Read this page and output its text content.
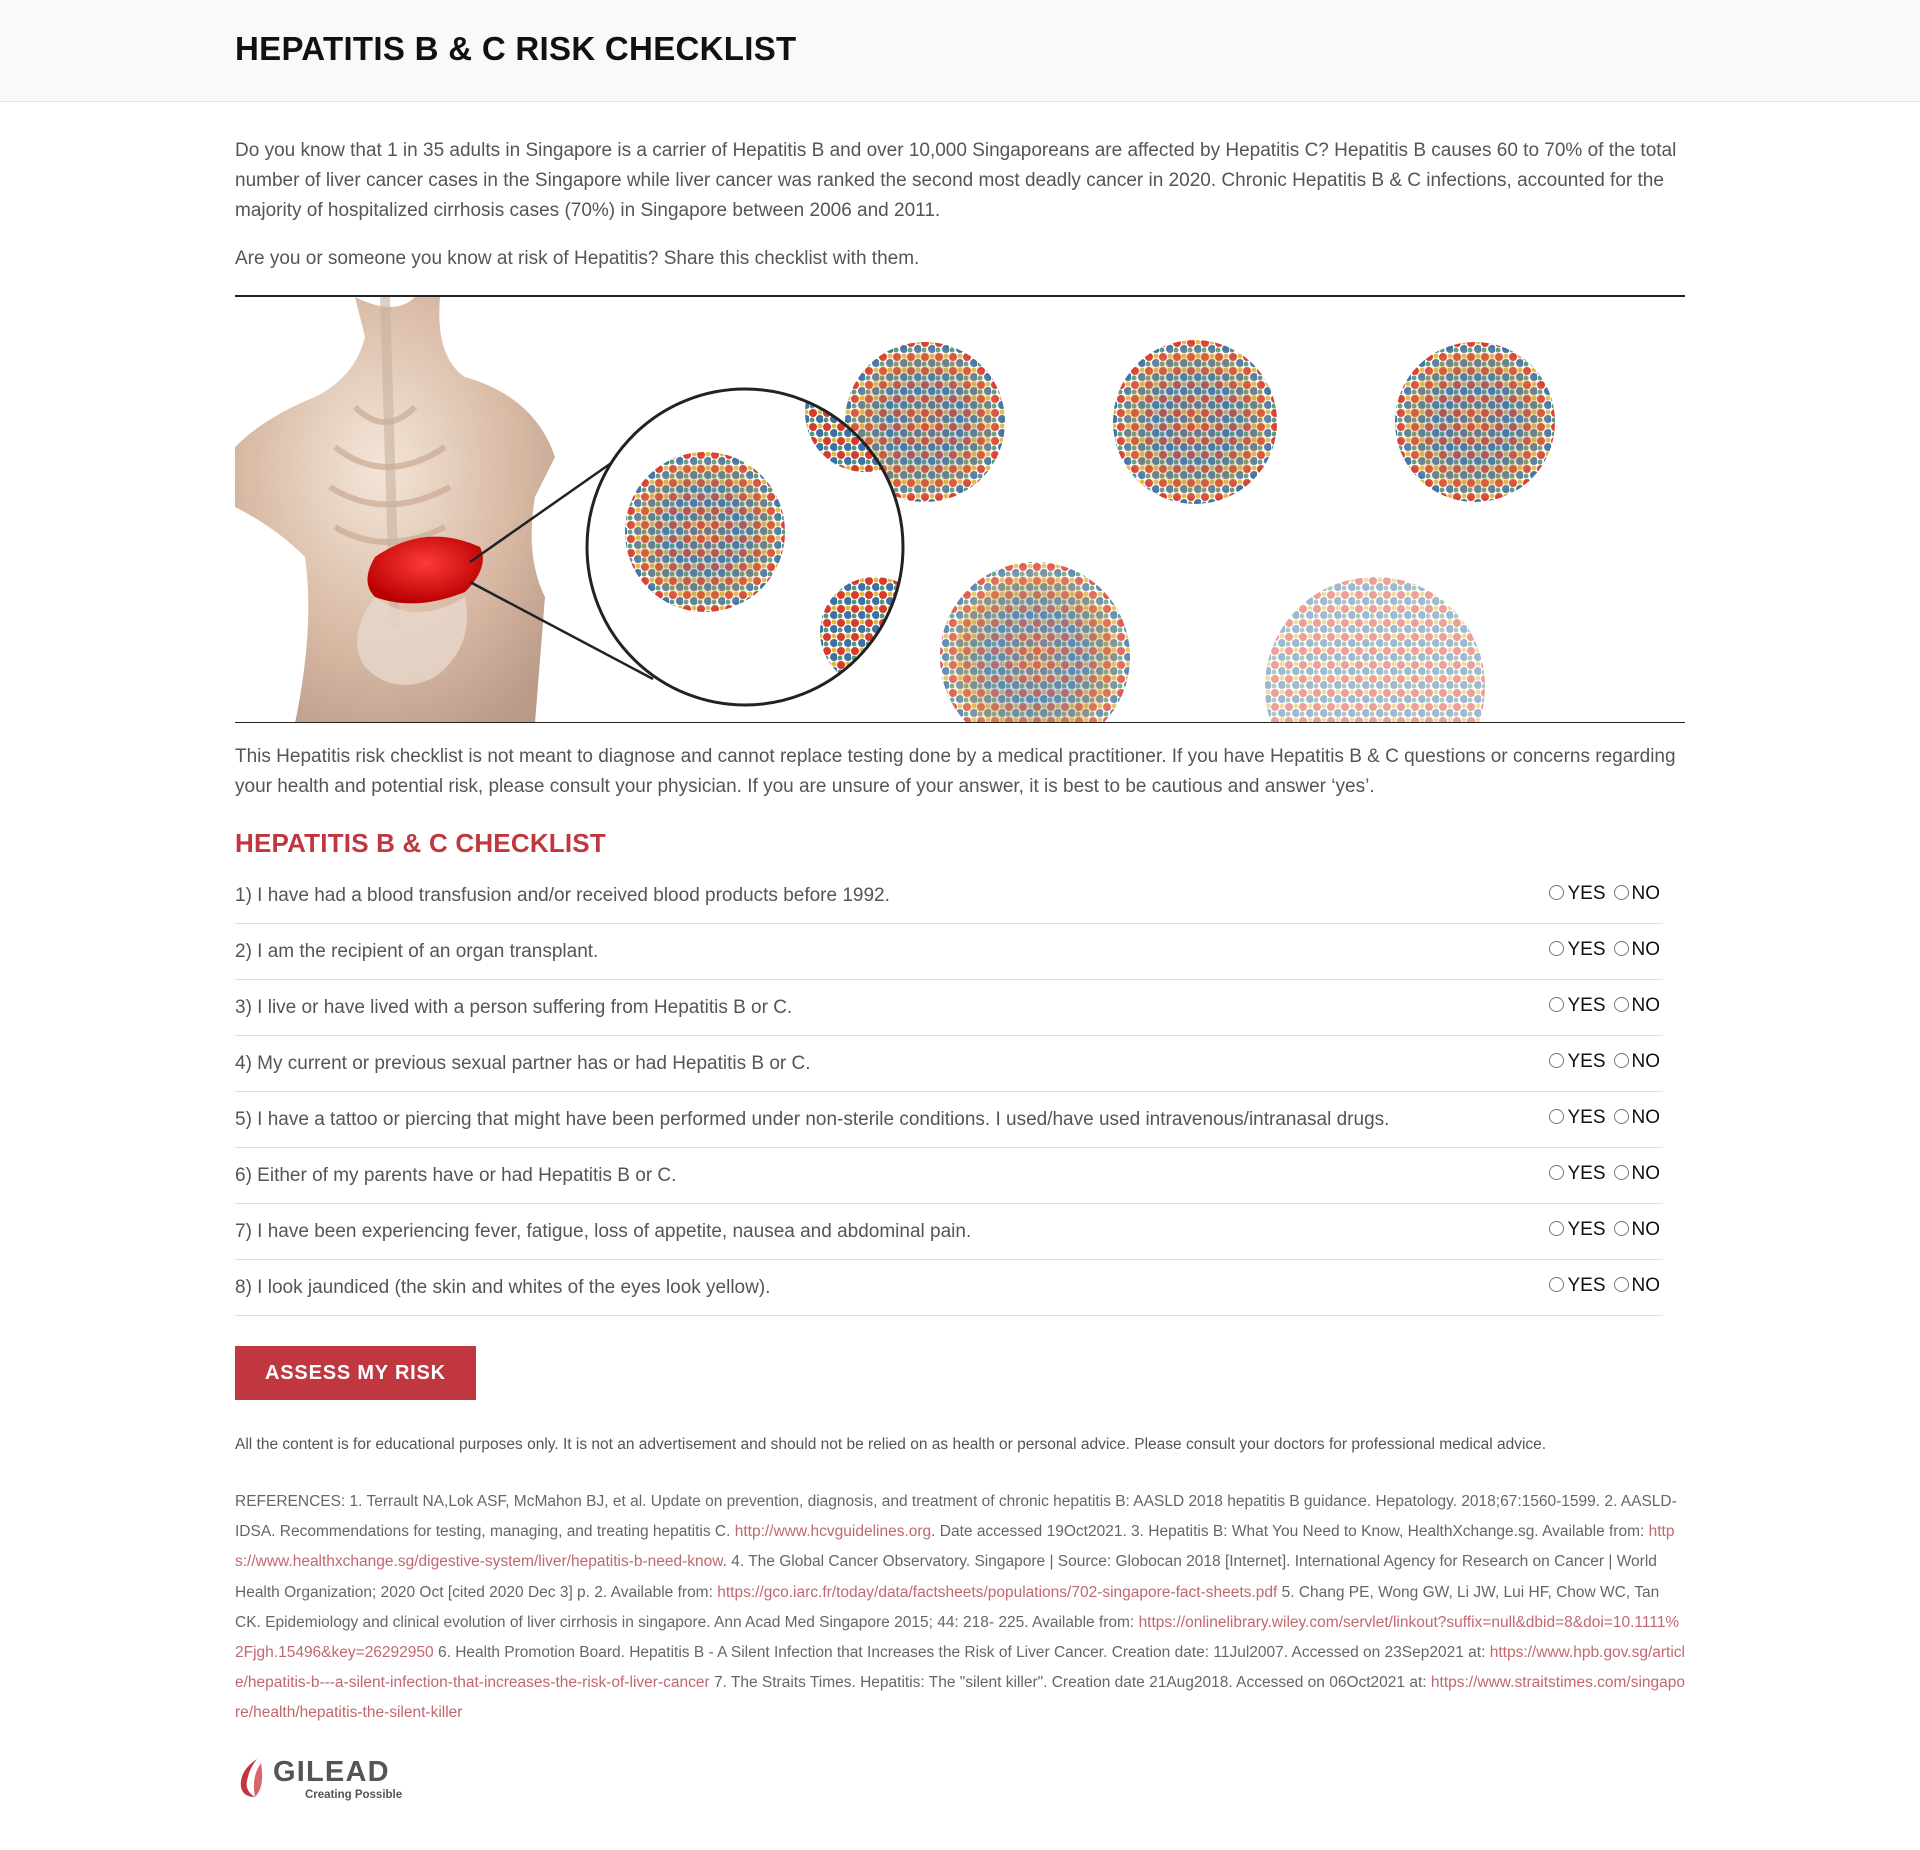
HEPATITIS B & C RISK CHECKLIST

Do you know that 1 in 35 adults in Singapore is a carrier of Hepatitis B and over 10,000 Singaporeans are affected by Hepatitis C? Hepatitis B causes 60 to 70% of the total number of liver cancer cases in the Singapore while liver cancer was ranked the second most deadly cancer in 2020. Chronic Hepatitis B & C infections, accounted for the majority of hospitalized cirrhosis cases (70%) in Singapore between 2006 and 2011.

Are you or someone you know at risk of Hepatitis? Share this checklist with them.

This Hepatitis risk checklist is not meant to diagnose and cannot replace testing done by a medical practitioner. If you have Hepatitis B & C questions or concerns regarding your health and potential risk, please consult your physician. If you are unsure of your answer, it is best to be cautious and answer ‘yes’.

HEPATITIS B & C CHECKLIST
1) I have had a blood transfusion and/or received blood products before 1992.	YES NO
2) I am the recipient of an organ transplant.	YES NO
3) I live or have lived with a person suffering from Hepatitis B or C.	YES NO
4) My current or previous sexual partner has or had Hepatitis B or C.	YES NO
5) I have a tattoo or piercing that might have been performed under non-sterile conditions. I used/have used intravenous/intranasal drugs.	YES NO
6) Either of my parents have or had Hepatitis B or C.	YES NO
7) I have been experiencing fever, fatigue, loss of appetite, nausea and abdominal pain.	YES NO
8) I look jaundiced (the skin and whites of the eyes look yellow).	YES NO
ASSESS MY RISK

All the content is for educational purposes only. It is not an advertisement and should not be relied on as health or personal advice. Please consult your doctors for professional medical advice.

REFERENCES: 1. Terrault NA,Lok ASF, McMahon BJ, et al. Update on prevention, diagnosis, and treatment of chronic hepatitis B: AASLD 2018 hepatitis B guidance. Hepatology. 2018;67:1560-1599. 2. AASLD-IDSA. Recommendations for testing, managing, and treating hepatitis C. http://www.hcvguidelines.org. Date accessed 19Oct2021. 3. Hepatitis B: What You Need to Know, HealthXchange.sg. Available from: https://www.healthxchange.sg/digestive-system/liver/hepatitis-b-need-know. 4. The Global Cancer Observatory. Singapore | Source: Globocan 2018 [Internet]. International Agency for Research on Cancer | World Health Organization; 2020 Oct [cited 2020 Dec 3] p. 2. Available from: https://gco.iarc.fr/today/data/factsheets/populations/702-singapore-fact-sheets.pdf 5. Chang PE, Wong GW, Li JW, Lui HF, Chow WC, Tan CK. Epidemiology and clinical evolution of liver cirrhosis in singapore. Ann Acad Med Singapore 2015; 44: 218- 225. Available from: https://onlinelibrary.wiley.com/servlet/linkout?suffix=null&dbid=8&doi=10.1111%2Fjgh.15496&key=26292950 6. Health Promotion Board. Hepatitis B - A Silent Infection that Increases the Risk of Liver Cancer. Creation date: 11Jul2007. Accessed on 23Sep2021 at: https://www.hpb.gov.sg/article/hepatitis-b---a-silent-infection-that-increases-the-risk-of-liver-cancer 7. The Straits Times. Hepatitis: The "silent killer". Creation date 21Aug2018. Accessed on 06Oct2021 at: https://www.straitstimes.com/singapore/health/hepatitis-the-silent-killer

GILEAD
Creating Possible
